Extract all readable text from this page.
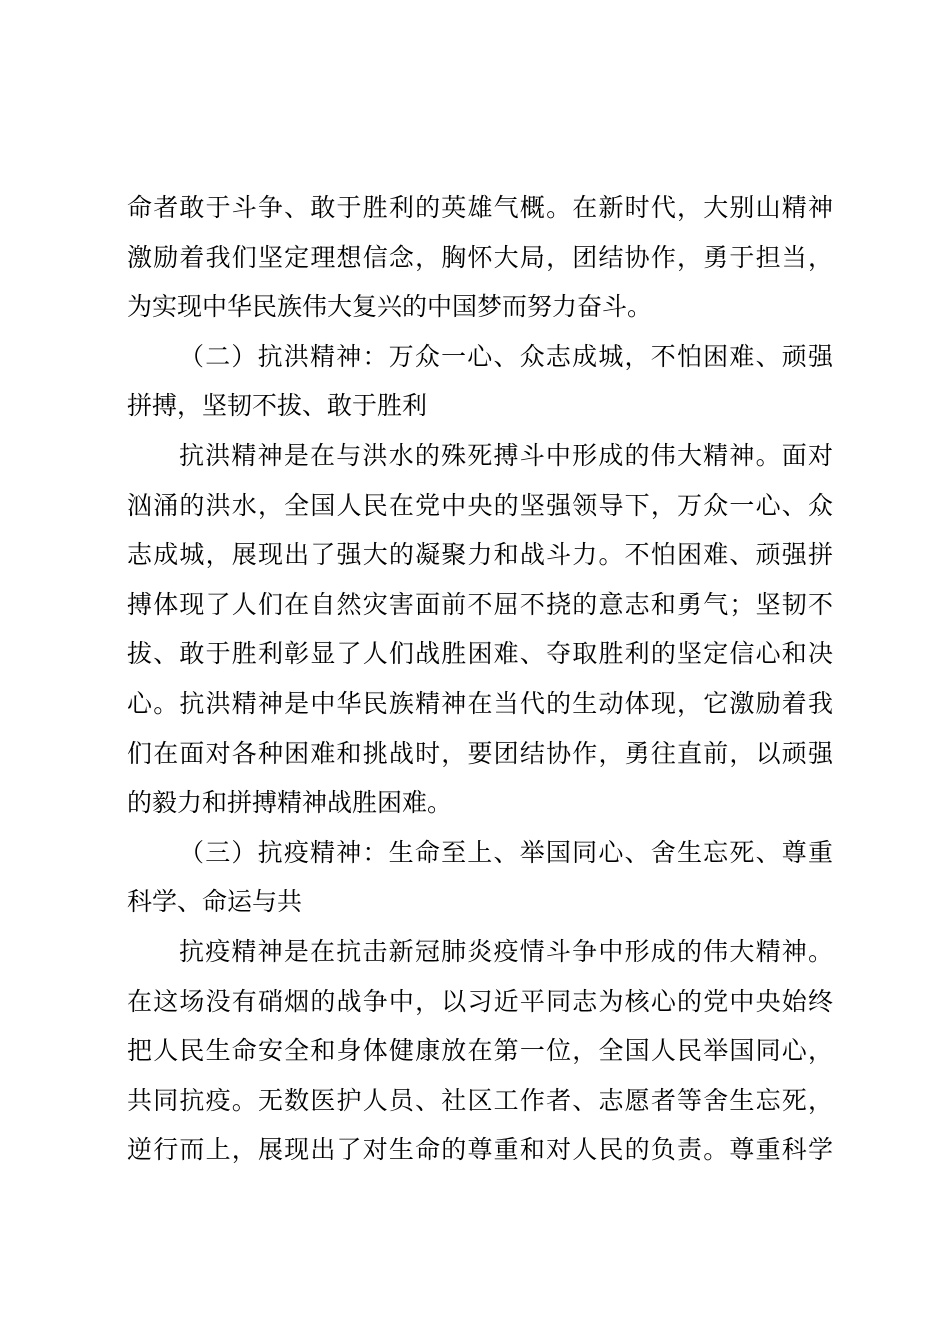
命者敢于斗争、敢于胜利的英雄气概。在新时代，大别山精神
激励着我们坚定理想信念，胸怀大局，团结协作，勇于担当，
为实现中华民族伟大复兴的中国梦而努力奋斗。
（二）抗洪精神：万众一心、众志成城，不怕困难、顽强
拼搏，坚韧不拔、敢于胜利
抗洪精神是在与洪水的殊死搏斗中形成的伟大精神。面对
汹涌的洪水，全国人民在党中央的坚强领导下，万众一心、众
志成城，展现出了强大的凝聚力和战斗力。不怕困难、顽强拼
搏体现了人们在自然灾害面前不屈不挠的意志和勇气；坚韧不
拔、敢于胜利彰显了人们战胜困难、夺取胜利的坚定信心和决
心。抗洪精神是中华民族精神在当代的生动体现，它激励着我
们在面对各种困难和挑战时，要团结协作，勇往直前，以顽强
的毅力和拼搏精神战胜困难。
（三）抗疫精神：生命至上、举国同心、舍生忘死、尊重
科学、命运与共
抗疫精神是在抗击新冠肺炎疫情斗争中形成的伟大精神。
在这场没有硝烟的战争中，以习近平同志为核心的党中央始终
把人民生命安全和身体健康放在第一位，全国人民举国同心，
共同抗疫。无数医护人员、社区工作者、志愿者等舍生忘死，
逆行而上，展现出了对生命的尊重和对人民的负责。尊重科学
